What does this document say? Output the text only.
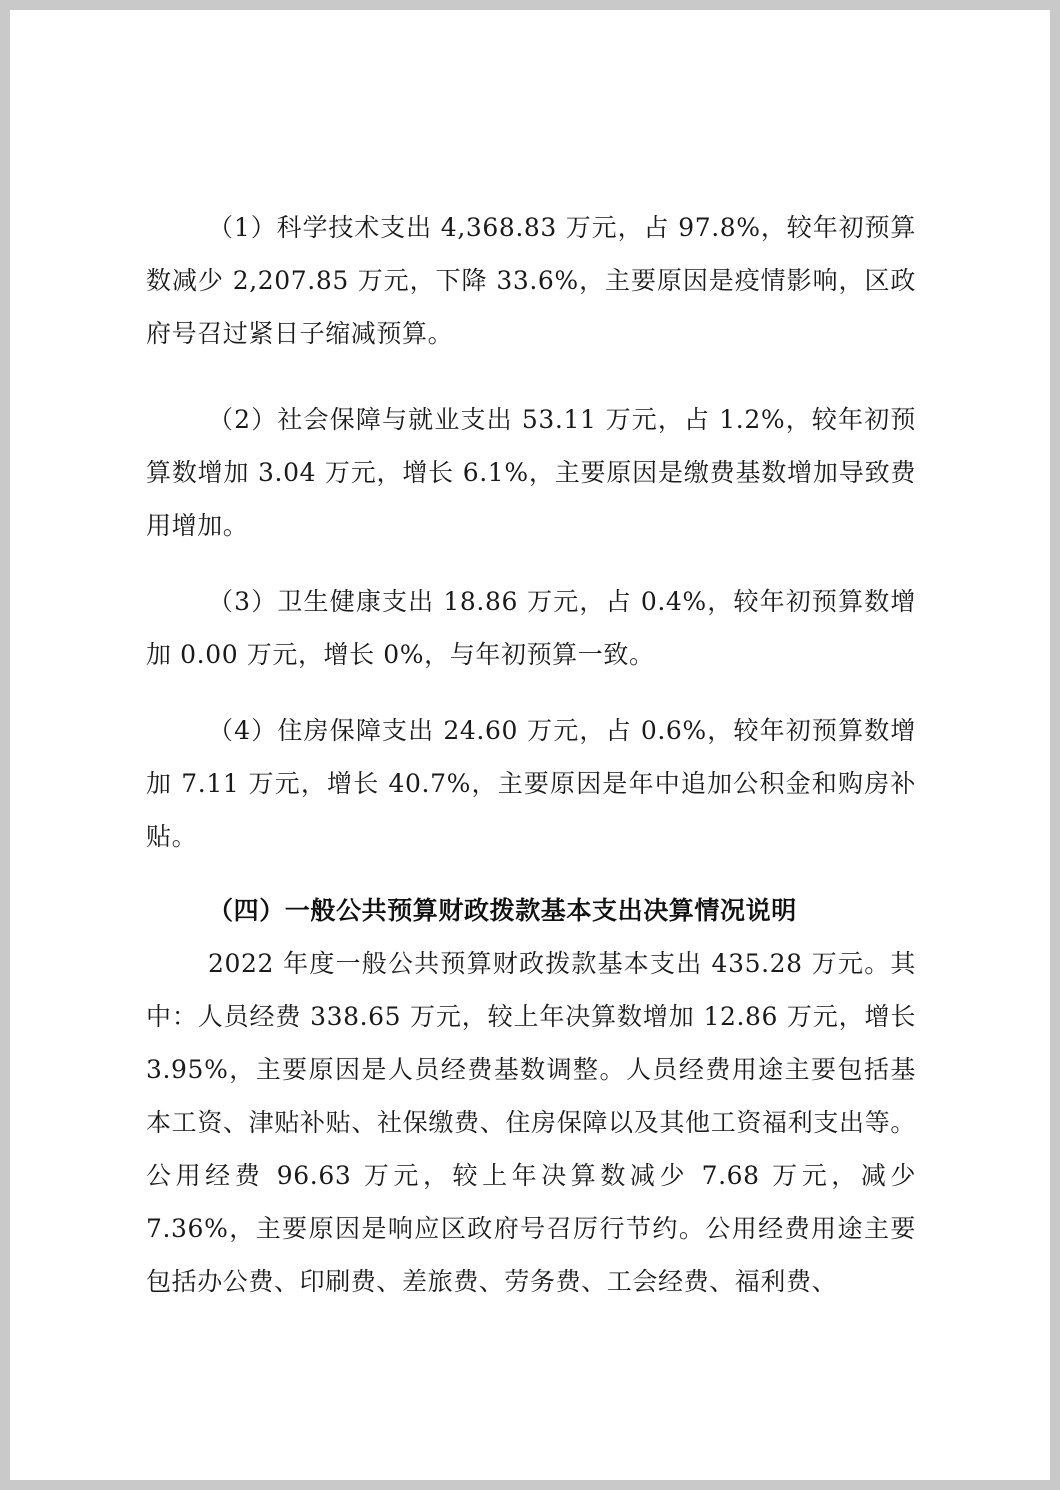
（1）科学技术支出 4,368.83 万元，占 97.8%，较年初预算数减少 2,207.85 万元，下降 33.6%，主要原因是疫情影响，区政府号召过紧日子缩减预算。

（2）社会保障与就业支出 53.11 万元，占 1.2%，较年初预算数增加 3.04 万元，增长 6.1%，主要原因是缴费基数增加导致费用增加。

（3）卫生健康支出 18.86 万元，占 0.4%，较年初预算数增加 0.00 万元，增长 0%，与年初预算一致。

（4）住房保障支出 24.60 万元，占 0.6%，较年初预算数增加 7.11 万元，增长 40.7%，主要原因是年中追加公积金和购房补贴。

（四）一般公共预算财政拨款基本支出决算情况说明

2022 年度一般公共预算财政拨款基本支出 435.28 万元。其中：人员经费 338.65 万元，较上年决算数增加 12.86 万元，增长 3.95%，主要原因是人员经费基数调整。人员经费用途主要包括基本工资、津贴补贴、社保缴费、住房保障以及其他工资福利支出等。公用经费 96.63 万元，较上年决算数减少 7.68 万元，减少 7.36%，主要原因是响应区政府号召厉行节约。公用经费用途主要包括办公费、印刷费、差旅费、劳务费、工会经费、福利费、
